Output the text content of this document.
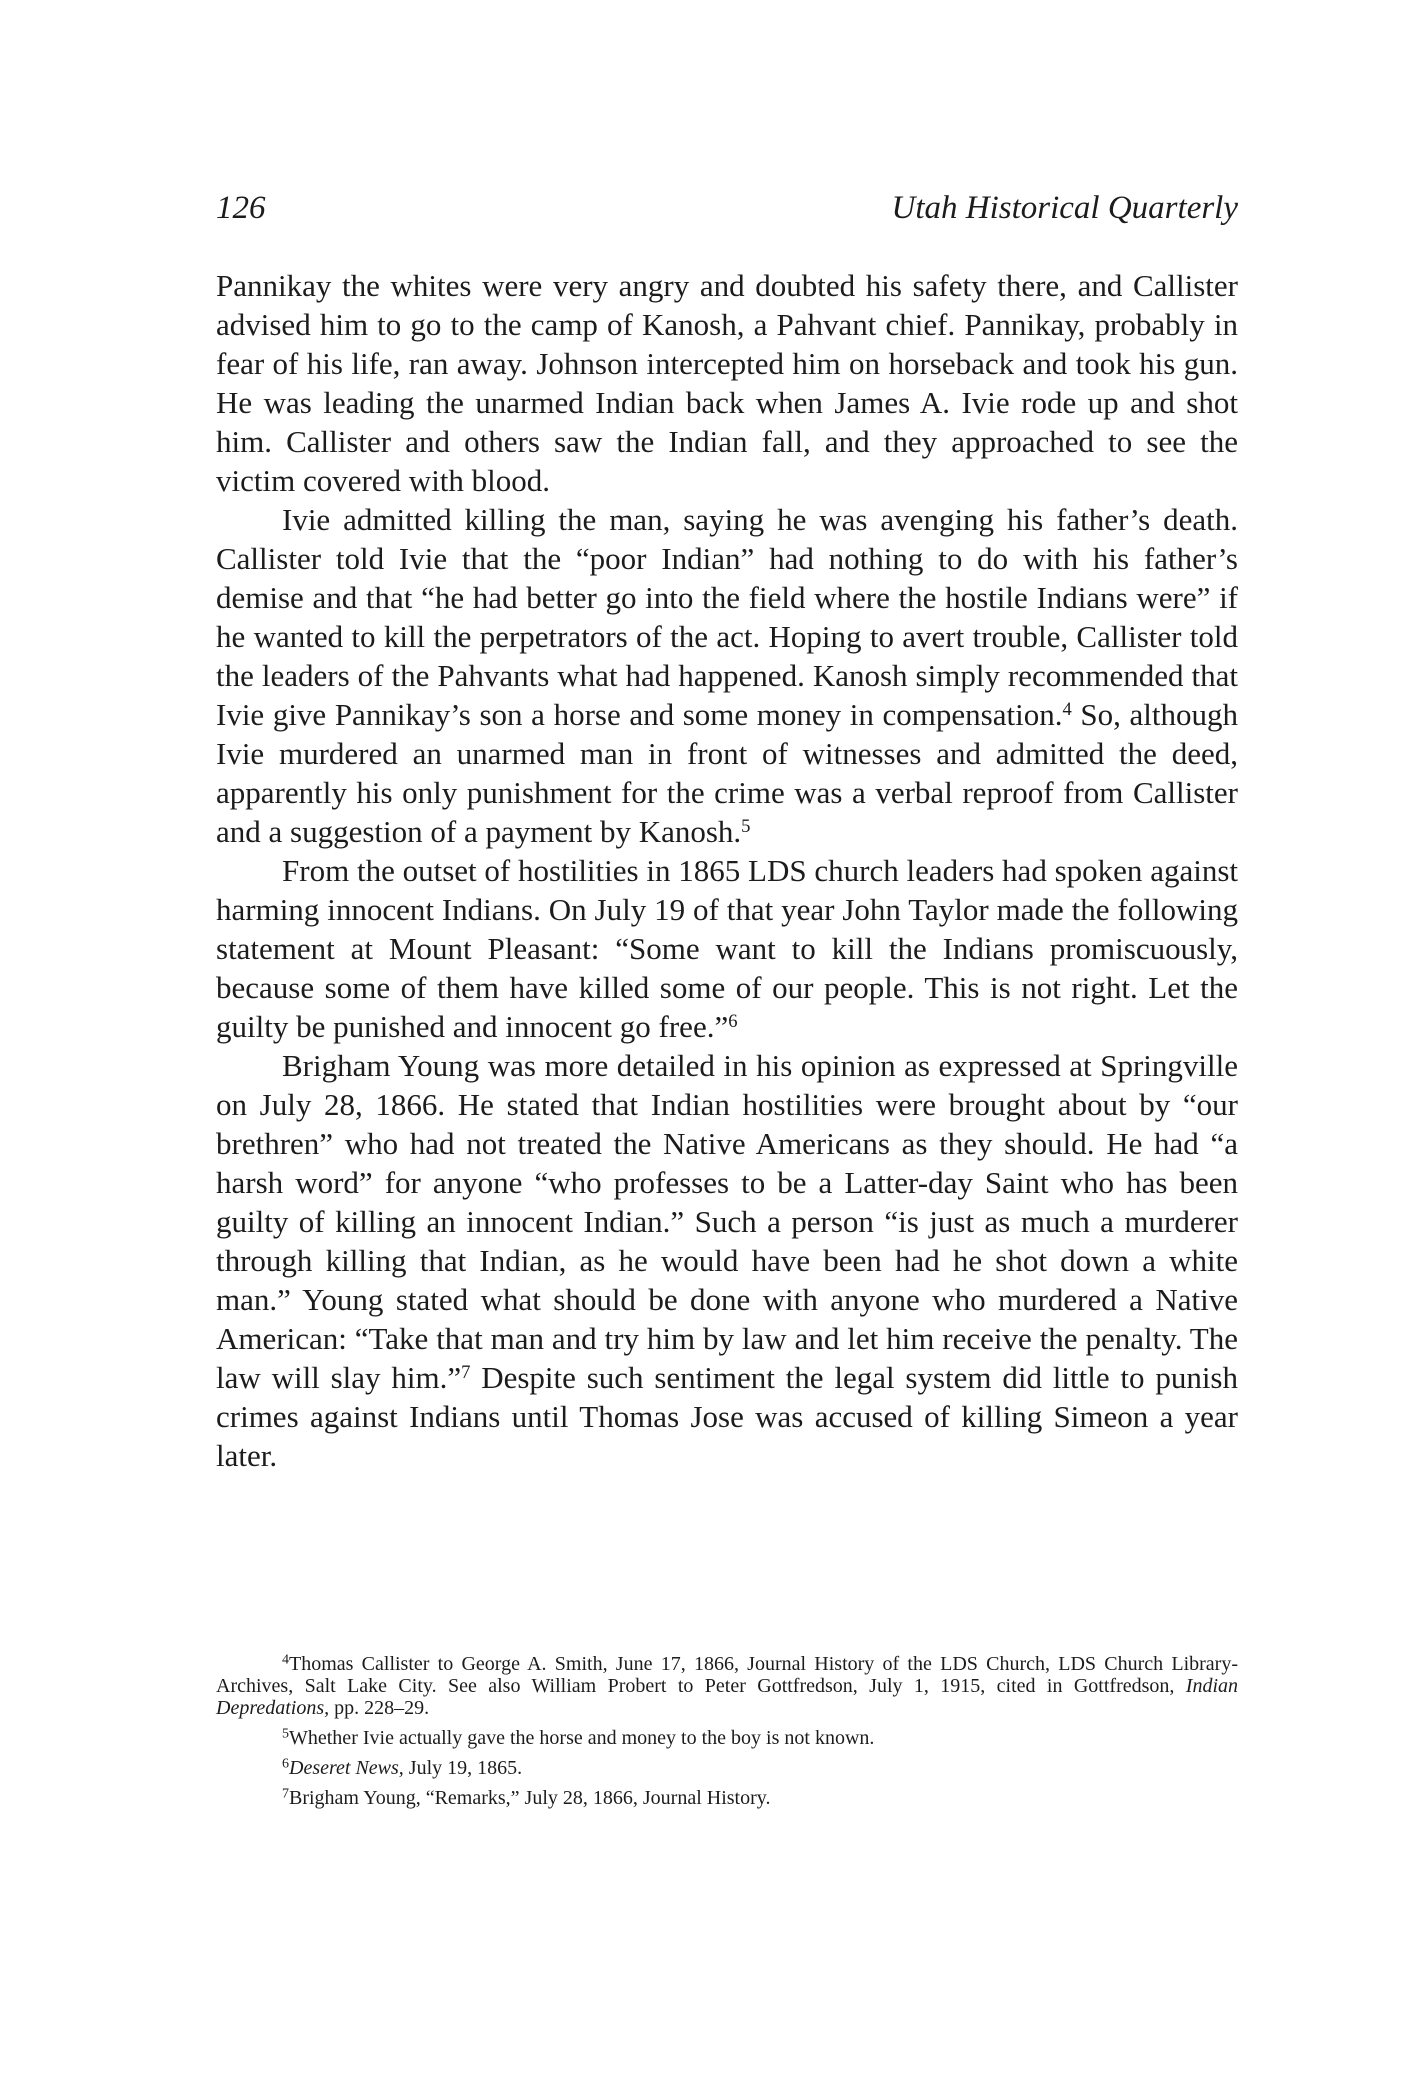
126	Utah Historical Quarterly

Pannikay the whites were very angry and doubted his safety there, and Callister advised him to go to the camp of Kanosh, a Pahvant chief. Pannikay, probably in fear of his life, ran away. Johnson intercepted him on horseback and took his gun. He was leading the unarmed Indian back when James A. Ivie rode up and shot him. Callister and others saw the Indian fall, and they approached to see the victim covered with blood.

Ivie admitted killing the man, saying he was avenging his father’s death. Callister told Ivie that the “poor Indian” had nothing to do with his father’s demise and that “he had better go into the field where the hostile Indians were” if he wanted to kill the perpetrators of the act. Hoping to avert trouble, Callister told the leaders of the Pahvants what had happened. Kanosh simply recommended that Ivie give Pannikay’s son a horse and some money in compensation.$^4$ So, although Ivie murdered an unarmed man in front of witnesses and admitted the deed, apparently his only punishment for the crime was a verbal reproof from Callister and a suggestion of a payment by Kanosh.$^5$

From the outset of hostilities in 1865 LDS church leaders had spoken against harming innocent Indians. On July 19 of that year John Taylor made the following statement at Mount Pleasant: “Some want to kill the Indians promiscuously, because some of them have killed some of our people. This is not right. Let the guilty be punished and innocent go free.”$^6$

Brigham Young was more detailed in his opinion as expressed at Springville on July 28, 1866. He stated that Indian hostilities were brought about by “our brethren” who had not treated the Native Americans as they should. He had “a harsh word” for anyone “who professes to be a Latter-day Saint who has been guilty of killing an innocent Indian.” Such a person “is just as much a murderer through killing that Indian, as he would have been had he shot down a white man.” Young stated what should be done with anyone who murdered a Native American: “Take that man and try him by law and let him receive the penalty. The law will slay him.”$^7$ Despite such sentiment the legal system did little to punish crimes against Indians until Thomas Jose was accused of killing Simeon a year later.

$^4$Thomas Callister to George A. Smith, June 17, 1866, Journal History of the LDS Church, LDS Church Library-Archives, Salt Lake City. See also William Probert to Peter Gottfredson, July 1, 1915, cited in Gottfredson, Indian Depredations, pp. 228–29.

$^5$Whether Ivie actually gave the horse and money to the boy is not known.

$^6$Deseret News, July 19, 1865.

$^7$Brigham Young, “Remarks,” July 28, 1866, Journal History.
